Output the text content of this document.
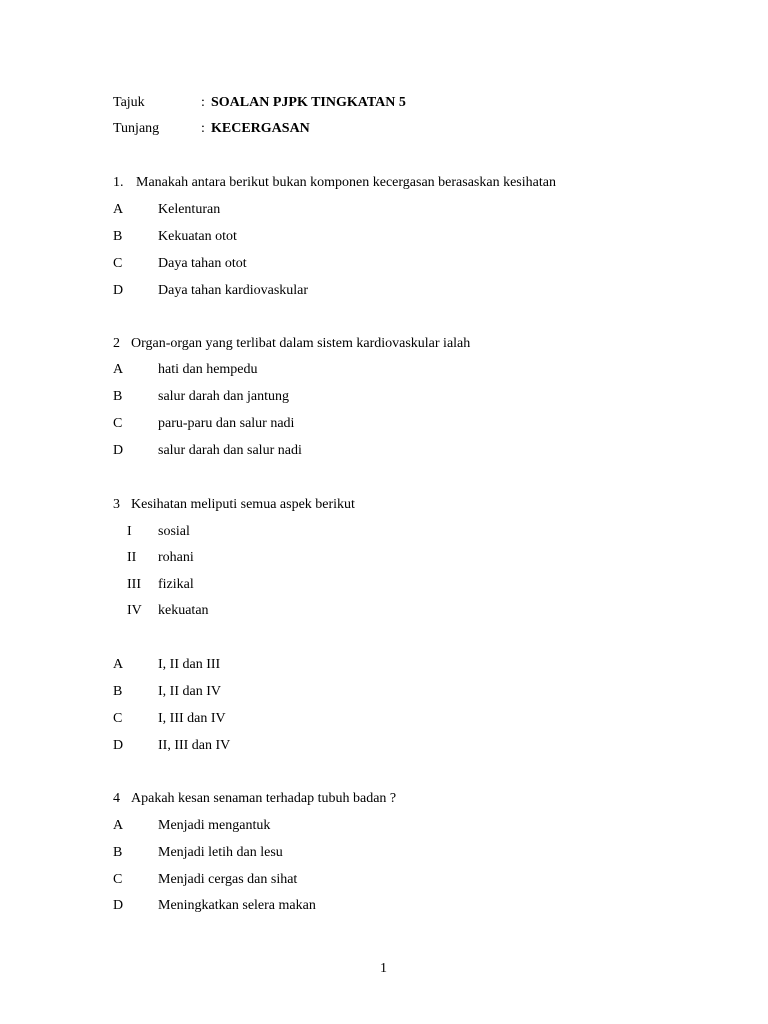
Tajuk	: SOALAN PJPK TINGKATAN 5
Tunjang	: KECERGASAN
1. Manakah antara berikut bukan komponen kecergasan berasaskan kesihatan
A Kelenturan
B	Kekuatan otot
C	Daya tahan otot
D Daya tahan kardiovaskular
2 Organ-organ yang terlibat dalam sistem kardiovaskular ialah
A hati dan hempedu
B	salur darah dan jantung
C	paru-paru dan salur nadi
D salur darah dan salur nadi
3 Kesihatan meliputi semua aspek berikut
I sosial
II rohani
III fizikal
IV kekuatan
A I, II dan III
B	I, II dan IV
C	I, III dan IV
D II, III dan IV
4 Apakah kesan senaman terhadap tubuh badan ?
A Menjadi mengantuk
B	Menjadi letih dan lesu
C	Menjadi cergas dan sihat
D Meningkatkan selera makan
1
